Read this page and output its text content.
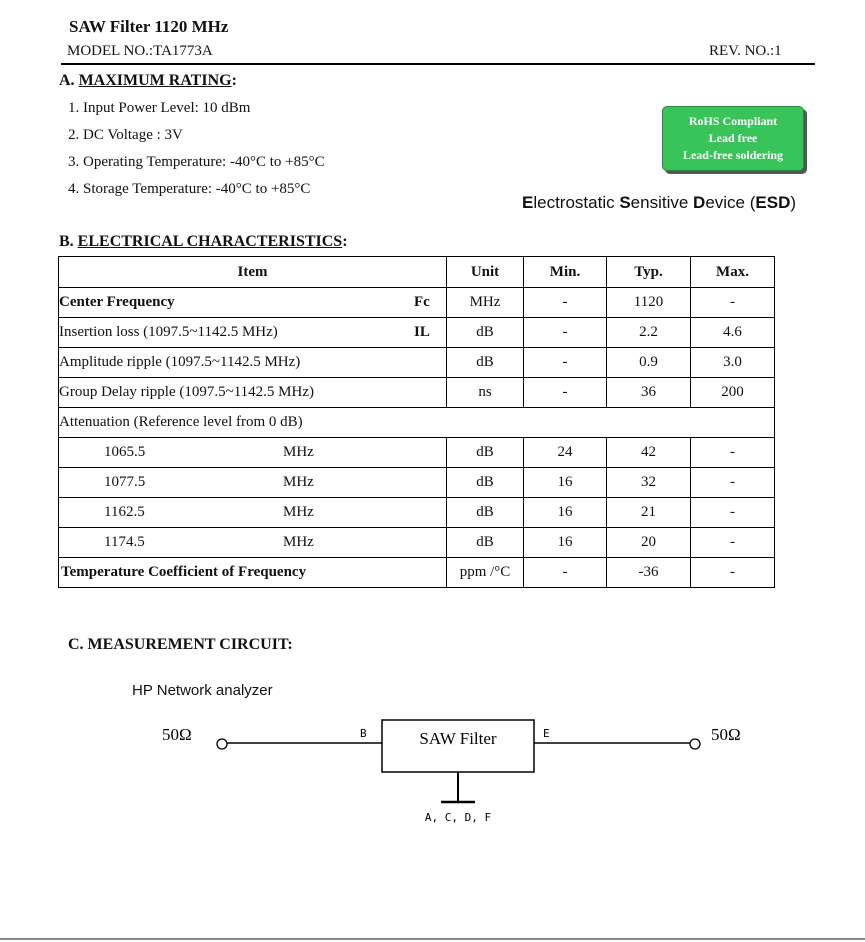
SAW Filter 1120 MHz
MODEL NO.:TA1773A	REV. NO.:1
A. MAXIMUM RATING:
1. Input Power Level: 10 dBm
2. DC Voltage : 3V
3. Operating Temperature: -40°C to +85°C
4. Storage Temperature: -40°C to +85°C
RoHS Compliant
Lead free
Lead-free soldering
Electrostatic Sensitive Device (ESD)
B. ELECTRICAL CHARACTERISTICS:
Item	Unit	Min.	Typ.	Max.
Center Frequency Fc	MHz	-	1120	-
Insertion loss (1097.5~1142.5 MHz) IL	dB	-	2.2	4.6
Amplitude ripple (1097.5~1142.5 MHz)	dB	-	0.9	3.0
Group Delay ripple (1097.5~1142.5 MHz)	ns	-	36	200
Attenuation (Reference level from 0 dB)				
1065.5 MHz	dB	24	42	-
1077.5 MHz	dB	16	32	-
1162.5 MHz	dB	16	21	-
1174.5 MHz	dB	16	20	-
Temperature Coefficient of Frequency	ppm /°C	-	-36	-
C. MEASUREMENT CIRCUIT:
HP Network analyzer
50Ω	B	SAW Filter	E	50Ω
A, C, D, F
